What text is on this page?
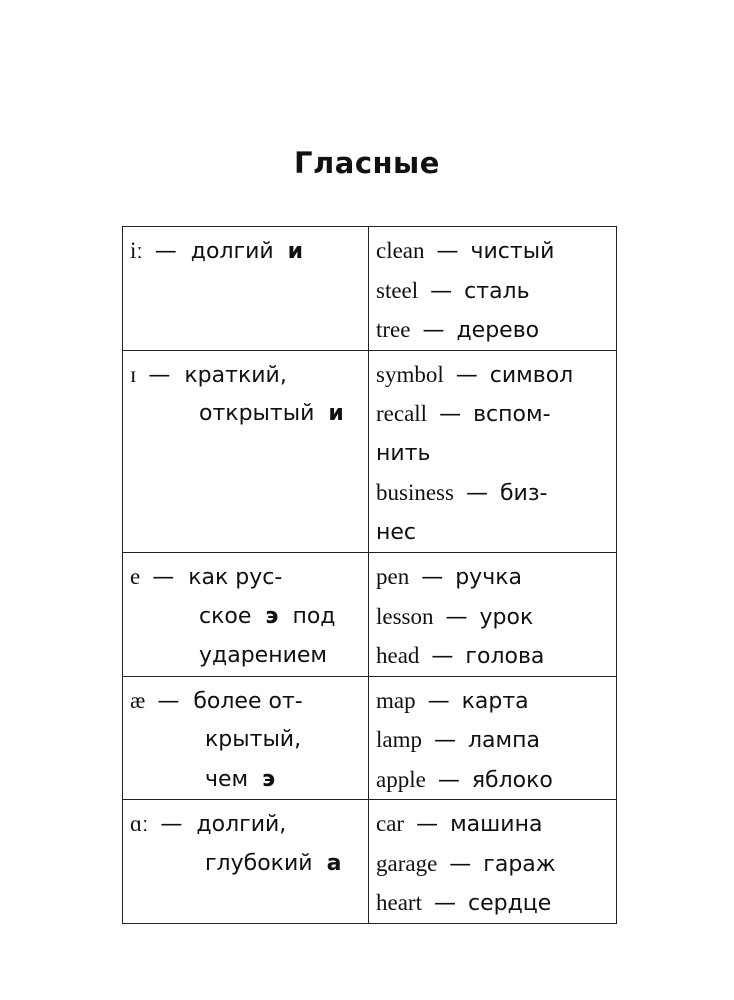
Гласные
iː — долгий и	clean — чистый
steel — сталь
tree — дерево

ɪ — краткий,
открытый и	symbol — символ
recall — вспом-
нить
business — биз-
нес

e — как рус-
ское э под
ударением	pen — ручка
lesson — урок
head — голова

æ — более от-
крытый,
чем э	map — карта
lamp — лампа
apple — яблоко

ɑː — долгий,
глубокий а	car — машина
garage — гараж
heart — сердце
